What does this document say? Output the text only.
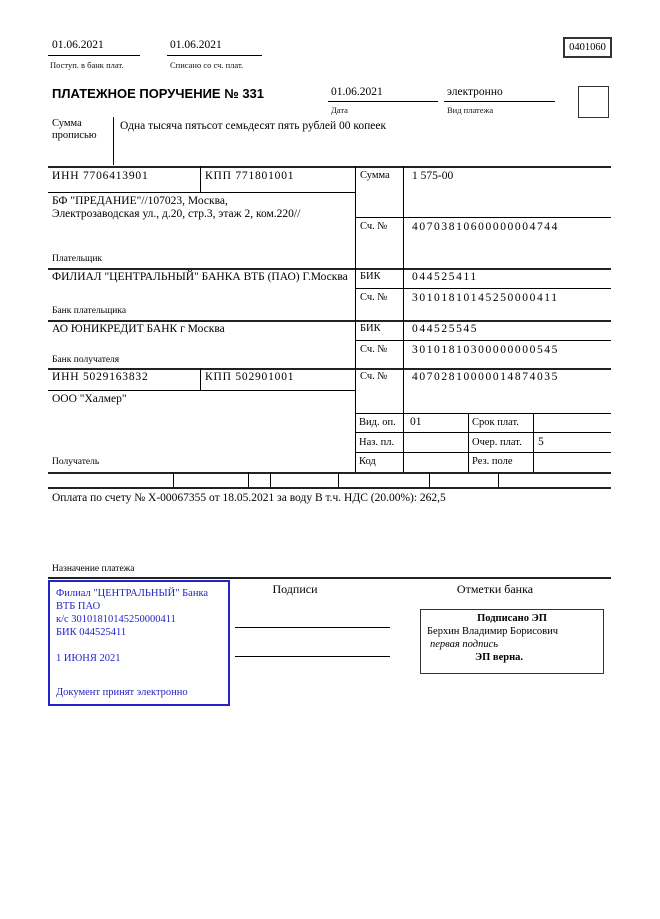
01.06.2021
Поступ. в банк плат.
01.06.2021
Списано со сч. плат.
0401060
ПЛАТЕЖНОЕ ПОРУЧЕНИЕ № 331	01.06.2021
Дата
электронно
Вид платежа
Сумма прописью
Одна тысяча пятьсот семьдесят пять рублей 00 копеек
ИНН 7706413901	КПП 771801001	Сумма 1 575-00
БФ "ПРЕДАНИЕ"//107023, Москва, Электрозаводская ул., д.20, стр.3, этаж 2, ком.220//
Плательщик
Сч. № 40703810600000004744
ФИЛИАЛ "ЦЕНТРАЛЬНЫЙ" БАНКА ВТБ (ПАО) Г.Москва
Банк плательщика
БИК	044525411
Сч. № 30101810145250000411
АО ЮНИКРЕДИТ БАНК г Москва
Банк получателя
БИК	044525545
Сч. № 30101810300000000545
ИНН 5029163832	КПП 502901001	Сч. № 40702810000014874035
ООО "Халмер"
Получатель
Вид. оп. 01	Срок плат.
Наз. пл.	Очер. плат. 5
Код	Рез. поле
Оплата по счету № Х-00067355 от 18.05.2021 за воду В т.ч. НДС (20.00%): 262,5
Назначение платежа
Подписи	Отметки банка
Филиал "ЦЕНТРАЛЬНЫЙ" Банка
ВТБ ПАО
к/с 30101810145250000411
БИК 044525411
1 ИЮНЯ 2021
Документ принят электронно
Подписано ЭП
Берхин Владимир Борисович
первая подпись
ЭП верна.
